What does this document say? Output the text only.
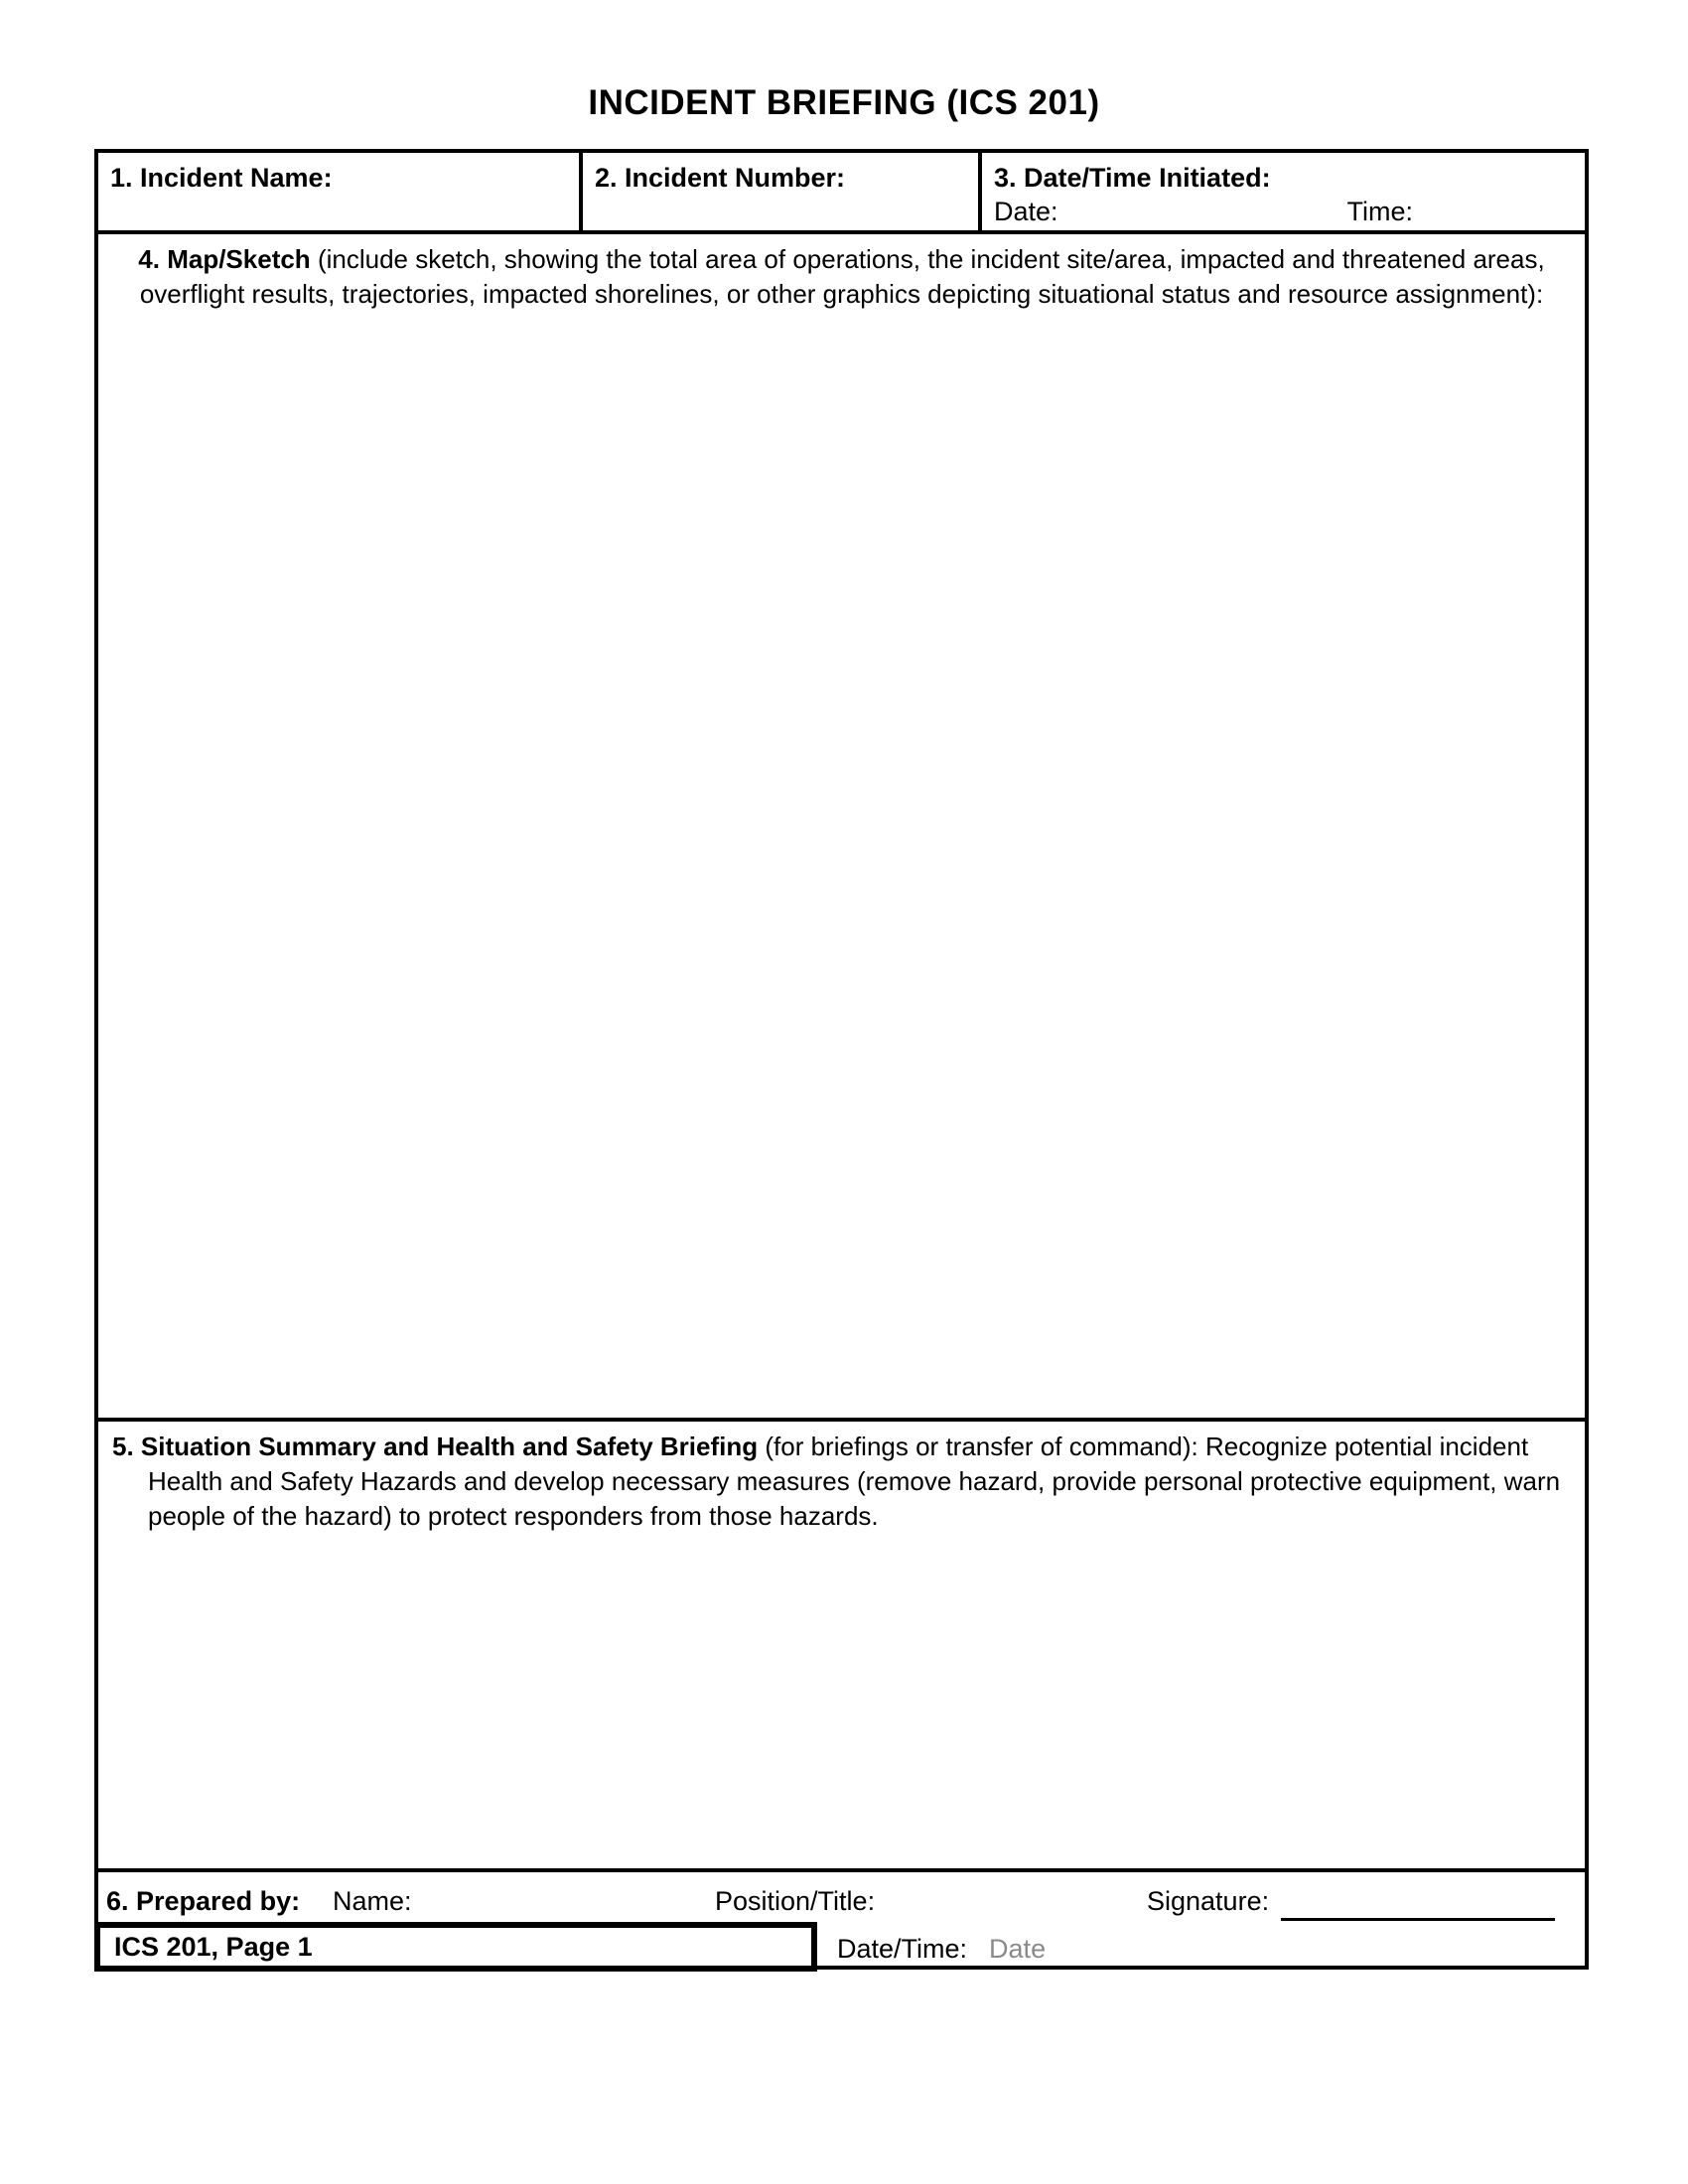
INCIDENT BRIEFING (ICS 201)
1. Incident Name:	2. Incident Number:	3. Date/Time Initiated:
Date:	Time:
4. Map/Sketch (include sketch, showing the total area of operations, the incident site/area, impacted and threatened areas, overflight results, trajectories, impacted shorelines, or other graphics depicting situational status and resource assignment):
5. Situation Summary and Health and Safety Briefing (for briefings or transfer of command): Recognize potential incident Health and Safety Hazards and develop necessary measures (remove hazard, provide personal protective equipment, warn people of the hazard) to protect responders from those hazards.
6. Prepared by: Name:	Position/Title:	Signature:
ICS 201, Page 1	Date/Time: Date
